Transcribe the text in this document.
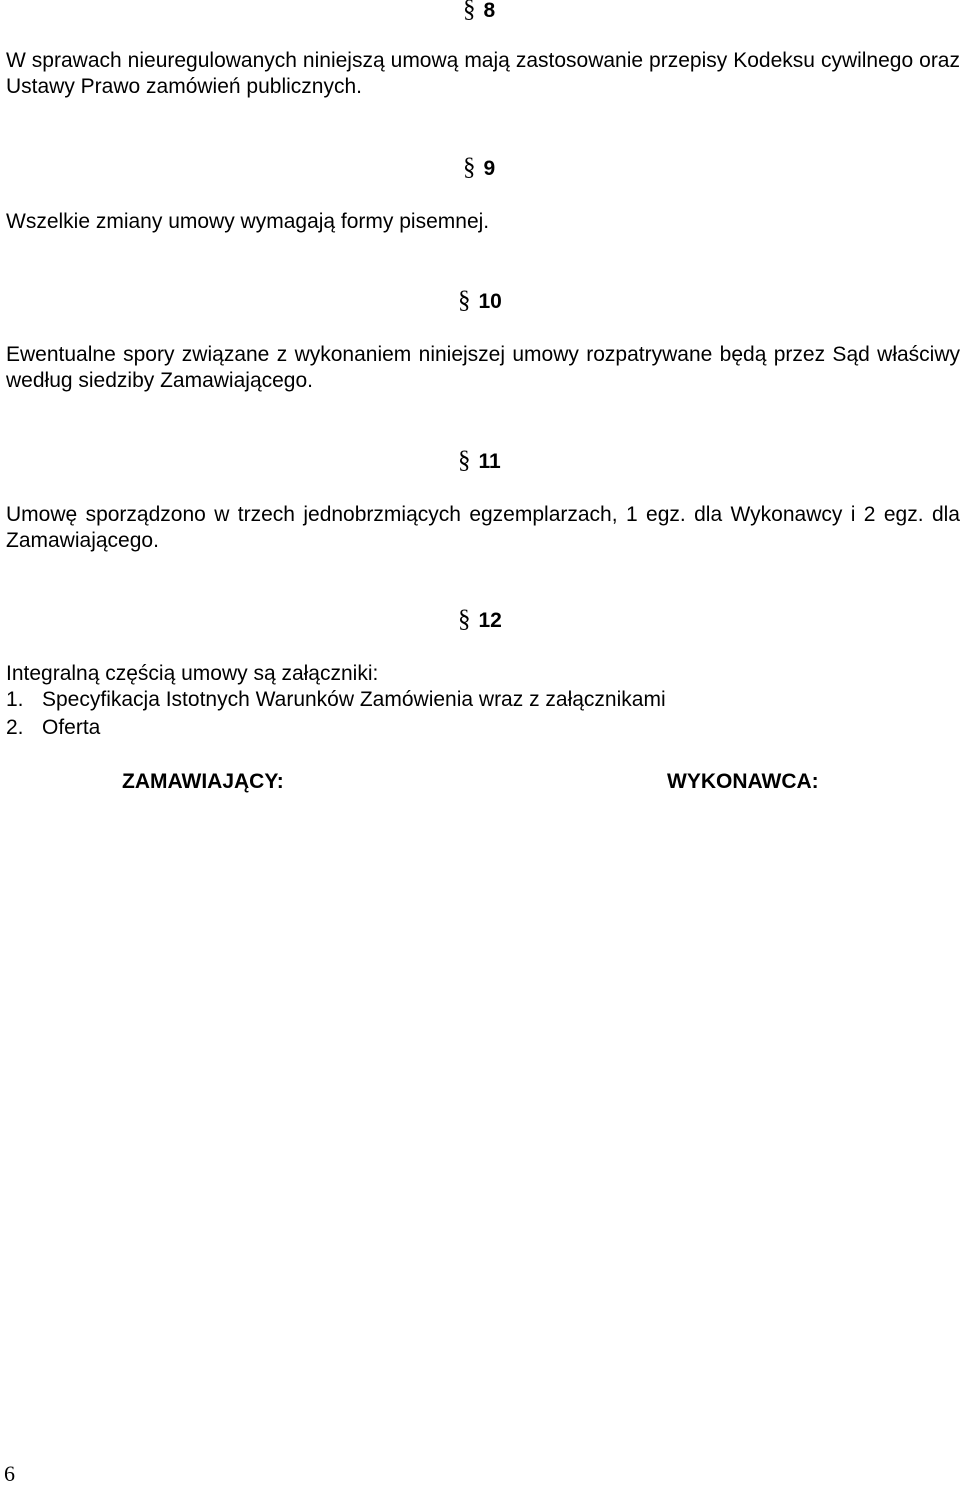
§ 8
W sprawach nieuregulowanych niniejszą umową mają zastosowanie przepisy Kodeksu cywilnego oraz Ustawy Prawo zamówień publicznych.
§ 9
Wszelkie zmiany umowy wymagają formy pisemnej.
§ 10
Ewentualne spory związane z wykonaniem niniejszej umowy rozpatrywane będą przez Sąd właściwy według siedziby Zamawiającego.
§ 11
Umowę sporządzono w trzech jednobrzmiących egzemplarzach, 1 egz. dla Wykonawcy i 2 egz. dla Zamawiającego.
§ 12
Integralną częścią umowy są załączniki:
1. Specyfikacja Istotnych Warunków Zamówienia wraz z załącznikami
2. Oferta
ZAMAWIAJĄCY:	WYKONAWCA:
6
